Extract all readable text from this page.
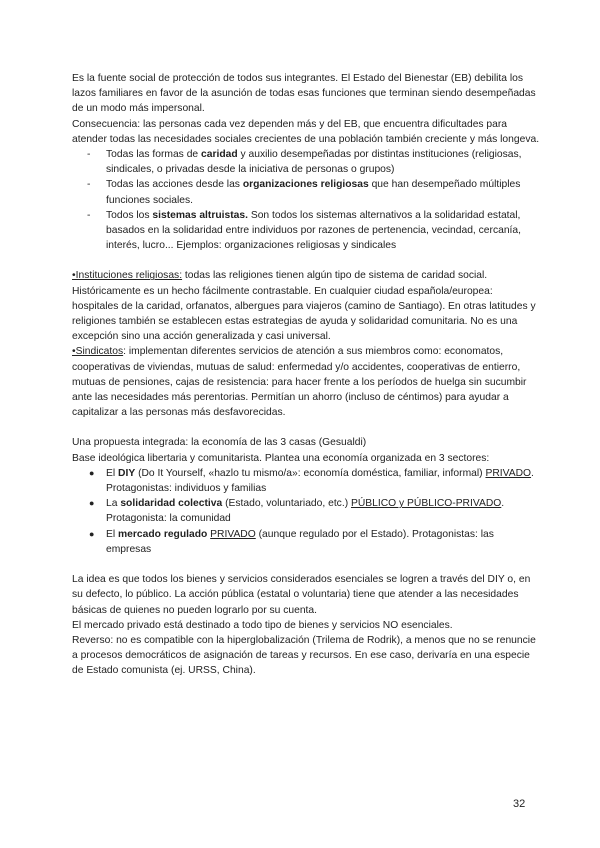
Es la fuente social de protección de todos sus integrantes. El Estado del Bienestar (EB) debilita los lazos familiares en favor de la asunción de todas esas funciones que terminan siendo desempeñadas de un modo más impersonal.

Consecuencia: las personas cada vez dependen más y del EB, que encuentra dificultades para atender todas las necesidades sociales crecientes de una población también creciente y más longeva.

- Todas las formas de caridad y auxilio desempeñadas por distintas instituciones (religiosas, sindicales, o privadas desde la iniciativa de personas o grupos)
- Todas las acciones desde las organizaciones religiosas que han desempeñado múltiples funciones sociales.
- Todos los sistemas altruistas. Son todos los sistemas alternativos a la solidaridad estatal, basados en la solidaridad entre individuos por razones de pertenencia, vecindad, cercanía, interés, lucro... Ejemplos: organizaciones religiosas y sindicales

•Instituciones religiosas: todas las religiones tienen algún tipo de sistema de caridad social. Históricamente es un hecho fácilmente contrastable. En cualquier ciudad española/europea: hospitales de la caridad, orfanatos, albergues para viajeros (camino de Santiago). En otras latitudes y religiones también se establecen estas estrategias de ayuda y solidaridad comunitaria. No es una excepción sino una acción generalizada y casi universal.

•Sindicatos: implementan diferentes servicios de atención a sus miembros como: economatos, cooperativas de viviendas, mutuas de salud: enfermedad y/o accidentes, cooperativas de entierro, mutuas de pensiones, cajas de resistencia: para hacer frente a los períodos de huelga sin sucumbir ante las necesidades más perentorias. Permitían un ahorro (incluso de céntimos) para ayudar a capitalizar a las personas más desfavorecidas.

Una propuesta integrada: la economía de las 3 casas (Gesualdi)

Base ideológica libertaria y comunitarista. Plantea una economía organizada en 3 sectores:

● El DIY (Do It Yourself, «hazlo tu mismo/a»: economía doméstica, familiar, informal) PRIVADO. Protagonistas: individuos y familias
● La solidaridad colectiva (Estado, voluntariado, etc.) PÚBLICO y PÚBLICO-PRIVADO. Protagonista: la comunidad
● El mercado regulado PRIVADO (aunque regulado por el Estado). Protagonistas: las empresas

La idea es que todos los bienes y servicios considerados esenciales se logren a través del DIY o, en su defecto, lo público. La acción pública (estatal o voluntaria) tiene que atender a las necesidades básicas de quienes no pueden lograrlo por su cuenta.

El mercado privado está destinado a todo tipo de bienes y servicios NO esenciales.

Reverso: no es compatible con la hiperglobalización (Trilema de Rodrik), a menos que no se renuncie a procesos democráticos de asignación de tareas y recursos. En ese caso, derivaría en una especie de Estado comunista (ej. URSS, China).

32
